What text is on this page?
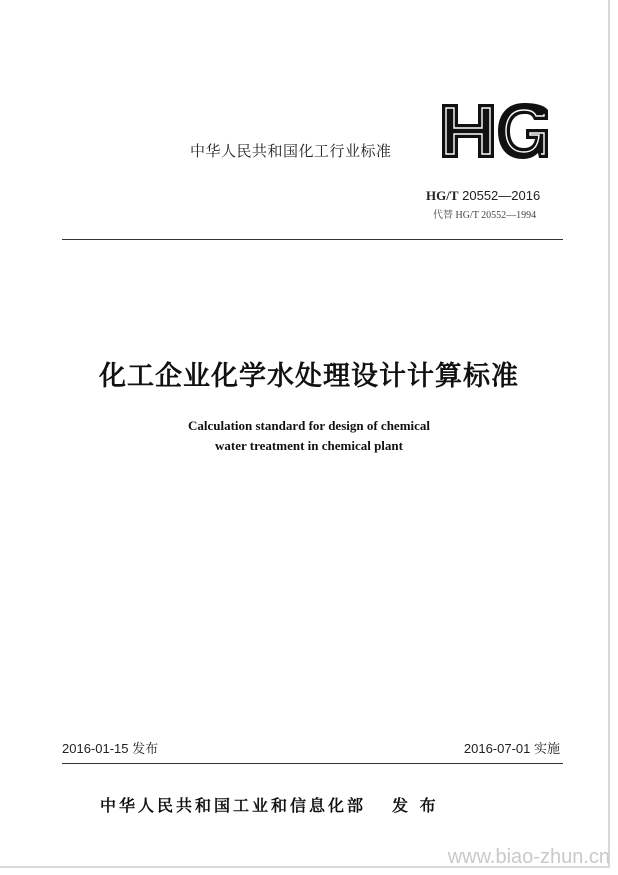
中华人民共和国化工行业标准
HG/T 20552—2016
代替 HG/T 20552—1994
化工企业化学水处理设计计算标准
Calculation standard for design of chemical
water treatment in chemical plant
2016-01-15 发布	2016-07-01 实施
中华人民共和国工业和信息化部 发 布
www.biao-zhun.cn
